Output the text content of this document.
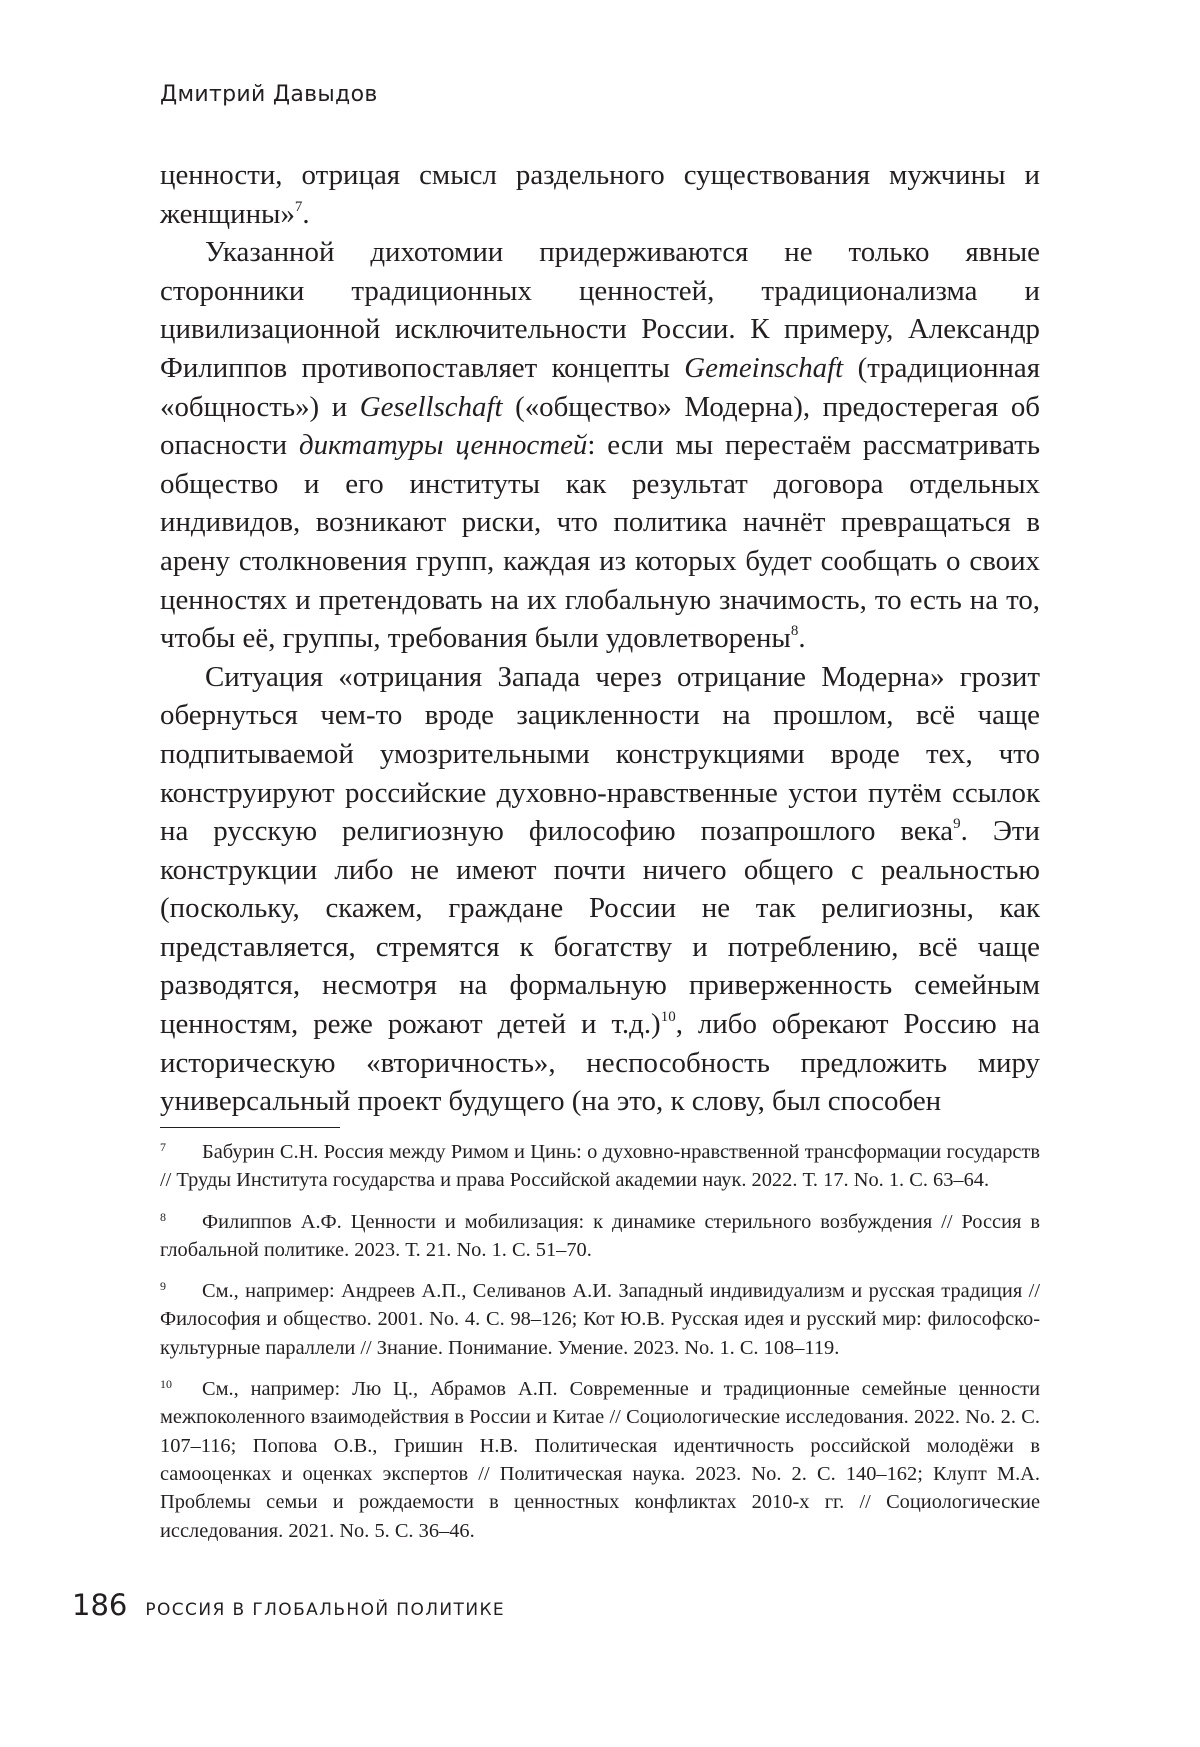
Дмитрий Давыдов

ценности, отрицая смысл раздельного существования мужчины и женщины»$^7$.

Указанной дихотомии придерживаются не только явные сторонники традиционных ценностей, традиционализма и цивилизационной исключительности России. К примеру, Александр Филиппов противопоставляет концепты Gemeinschaft (традиционная «общность») и Gesellschaft («общество» Модерна), предостерегая об опасности диктатуры ценностей: если мы перестаём рассматривать общество и его институты как результат договора отдельных индивидов, возникают риски, что политика начнёт превращаться в арену столкновения групп, каждая из которых будет сообщать о своих ценностях и претендовать на их глобальную значимость, то есть на то, чтобы её, группы, требования были удовлетворены$^8$.

Ситуация «отрицания Запада через отрицание Модерна» грозит обернуться чем-то вроде зацикленности на прошлом, всё чаще подпитываемой умозрительными конструкциями вроде тех, что конструируют российские духовно-нравственные устои путём ссылок на русскую религиозную философию позапрошлого века$^9$. Эти конструкции либо не имеют почти ничего общего с реальностью (поскольку, скажем, граждане России не так религиозны, как представляется, стремятся к богатству и потреблению, всё чаще разводятся, несмотря на формальную приверженность семейным ценностям, реже рожают детей и т.д.)$^{10}$, либо обрекают Россию на историческую «вторичность», неспособность предложить миру универсальный проект будущего (на это, к слову, был способен

7	Бабурин С.Н. Россия между Римом и Цинь: о духовно-нравственной трансформации государств // Труды Института государства и права Российской академии наук. 2022. Т. 17. No. 1. С. 63–64.
8	Филиппов А.Ф. Ценности и мобилизация: к динамике стерильного возбуждения // Россия в глобальной политике. 2023. Т. 21. No. 1. С. 51–70.
9	См., например: Андреев А.П., Селиванов А.И. Западный индивидуализм и русская традиция // Философия и общество. 2001. No. 4. С. 98–126; Кот Ю.В. Русская идея и русский мир: философско-культурные параллели // Знание. Понимание. Умение. 2023. No. 1. С. 108–119.
10	См., например: Лю Ц., Абрамов А.П. Современные и традиционные семейные ценности межпоколенного взаимодействия в России и Китае // Социологические исследования. 2022. No. 2. С. 107–116; Попова О.В., Гришин Н.В. Политическая идентичность российской молодёжи в самооценках и оценках экспертов // Политическая наука. 2023. No. 2. С. 140–162; Клупт М.А. Проблемы семьи и рождаемости в ценностных конфликтах 2010-х гг. // Социологические исследования. 2021. No. 5. С. 36–46.
186 РОССИЯ В ГЛОБАЛЬНОЙ ПОЛИТИКЕ
